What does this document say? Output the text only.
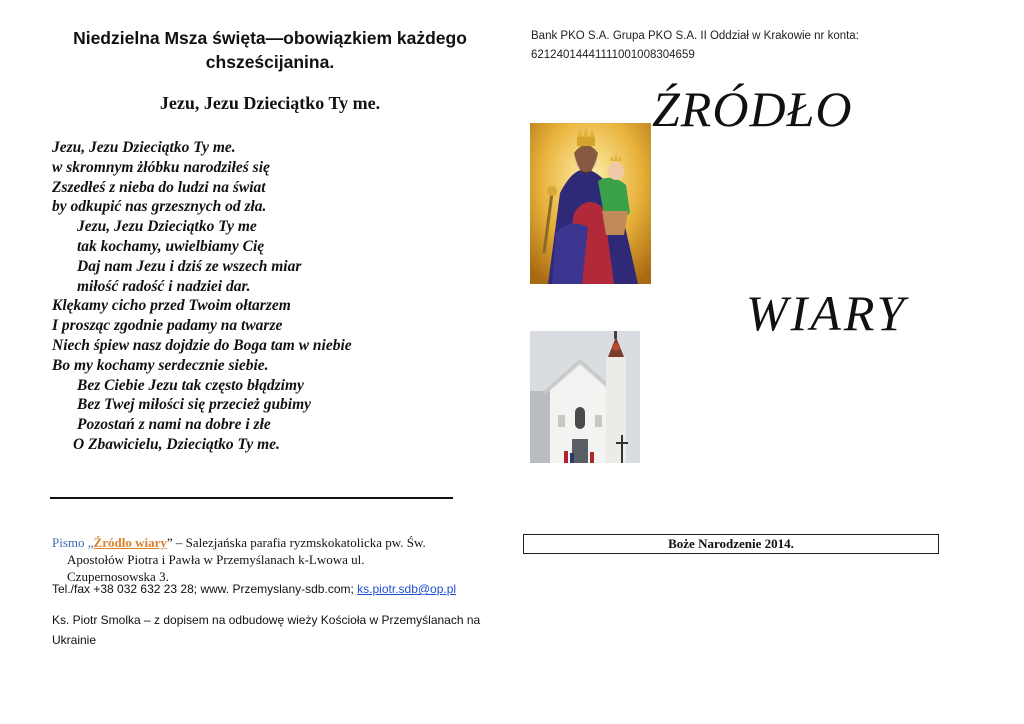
Niedzielna Msza święta—obowiązkiem każdego
chsześcijanina.
Jezu, Jezu Dzieciątko Ty me.
Jezu, Jezu Dzieciątko Ty me.
w skromnym żłóbku narodziłeś się
Zszedłeś z nieba do ludzi na świat
by odkupić nas grzesznych od zła.
Jezu, Jezu Dzieciątko Ty me
tak kochamy, uwielbiamy Cię
Daj nam Jezu i dziś ze wszech miar
miłość radość i nadziei dar.
Klękamy cicho przed Twoim ołtarzem
I prosząc zgodnie padamy na twarze
Niech śpiew nasz dojdzie do Boga tam w niebie
Bo my kochamy serdecznie siebie.
Bez Ciebie Jezu tak często błądzimy
Bez Twej miłości się przecież gubimy
Pozostań z nami na dobre i złe
O Zbawicielu, Dzieciątko Ty me.
Pismo „Źródło wiary” – Salezjańska parafia ryzmskokatolicka pw. Św.
Apostołów Piotra i Pawła w Przemyślanach k-Lwowa ul.
Czupernosowska 3.
Tel./fax +38 032 632 23 28; www. Przemyslany-sdb.com; ks.piotr.sdb@op.pl
Ks. Piotr Smolka – z dopisem na odbudowę wieży Kościoła w Przemyślanach na Ukrainie
Bank PKO S.A. Grupa PKO S.A. II Oddział w Krakowie nr konta:
62124014441111001008304659
ŹRÓDŁO
WIARY
Boże Narodzenie 2014.
